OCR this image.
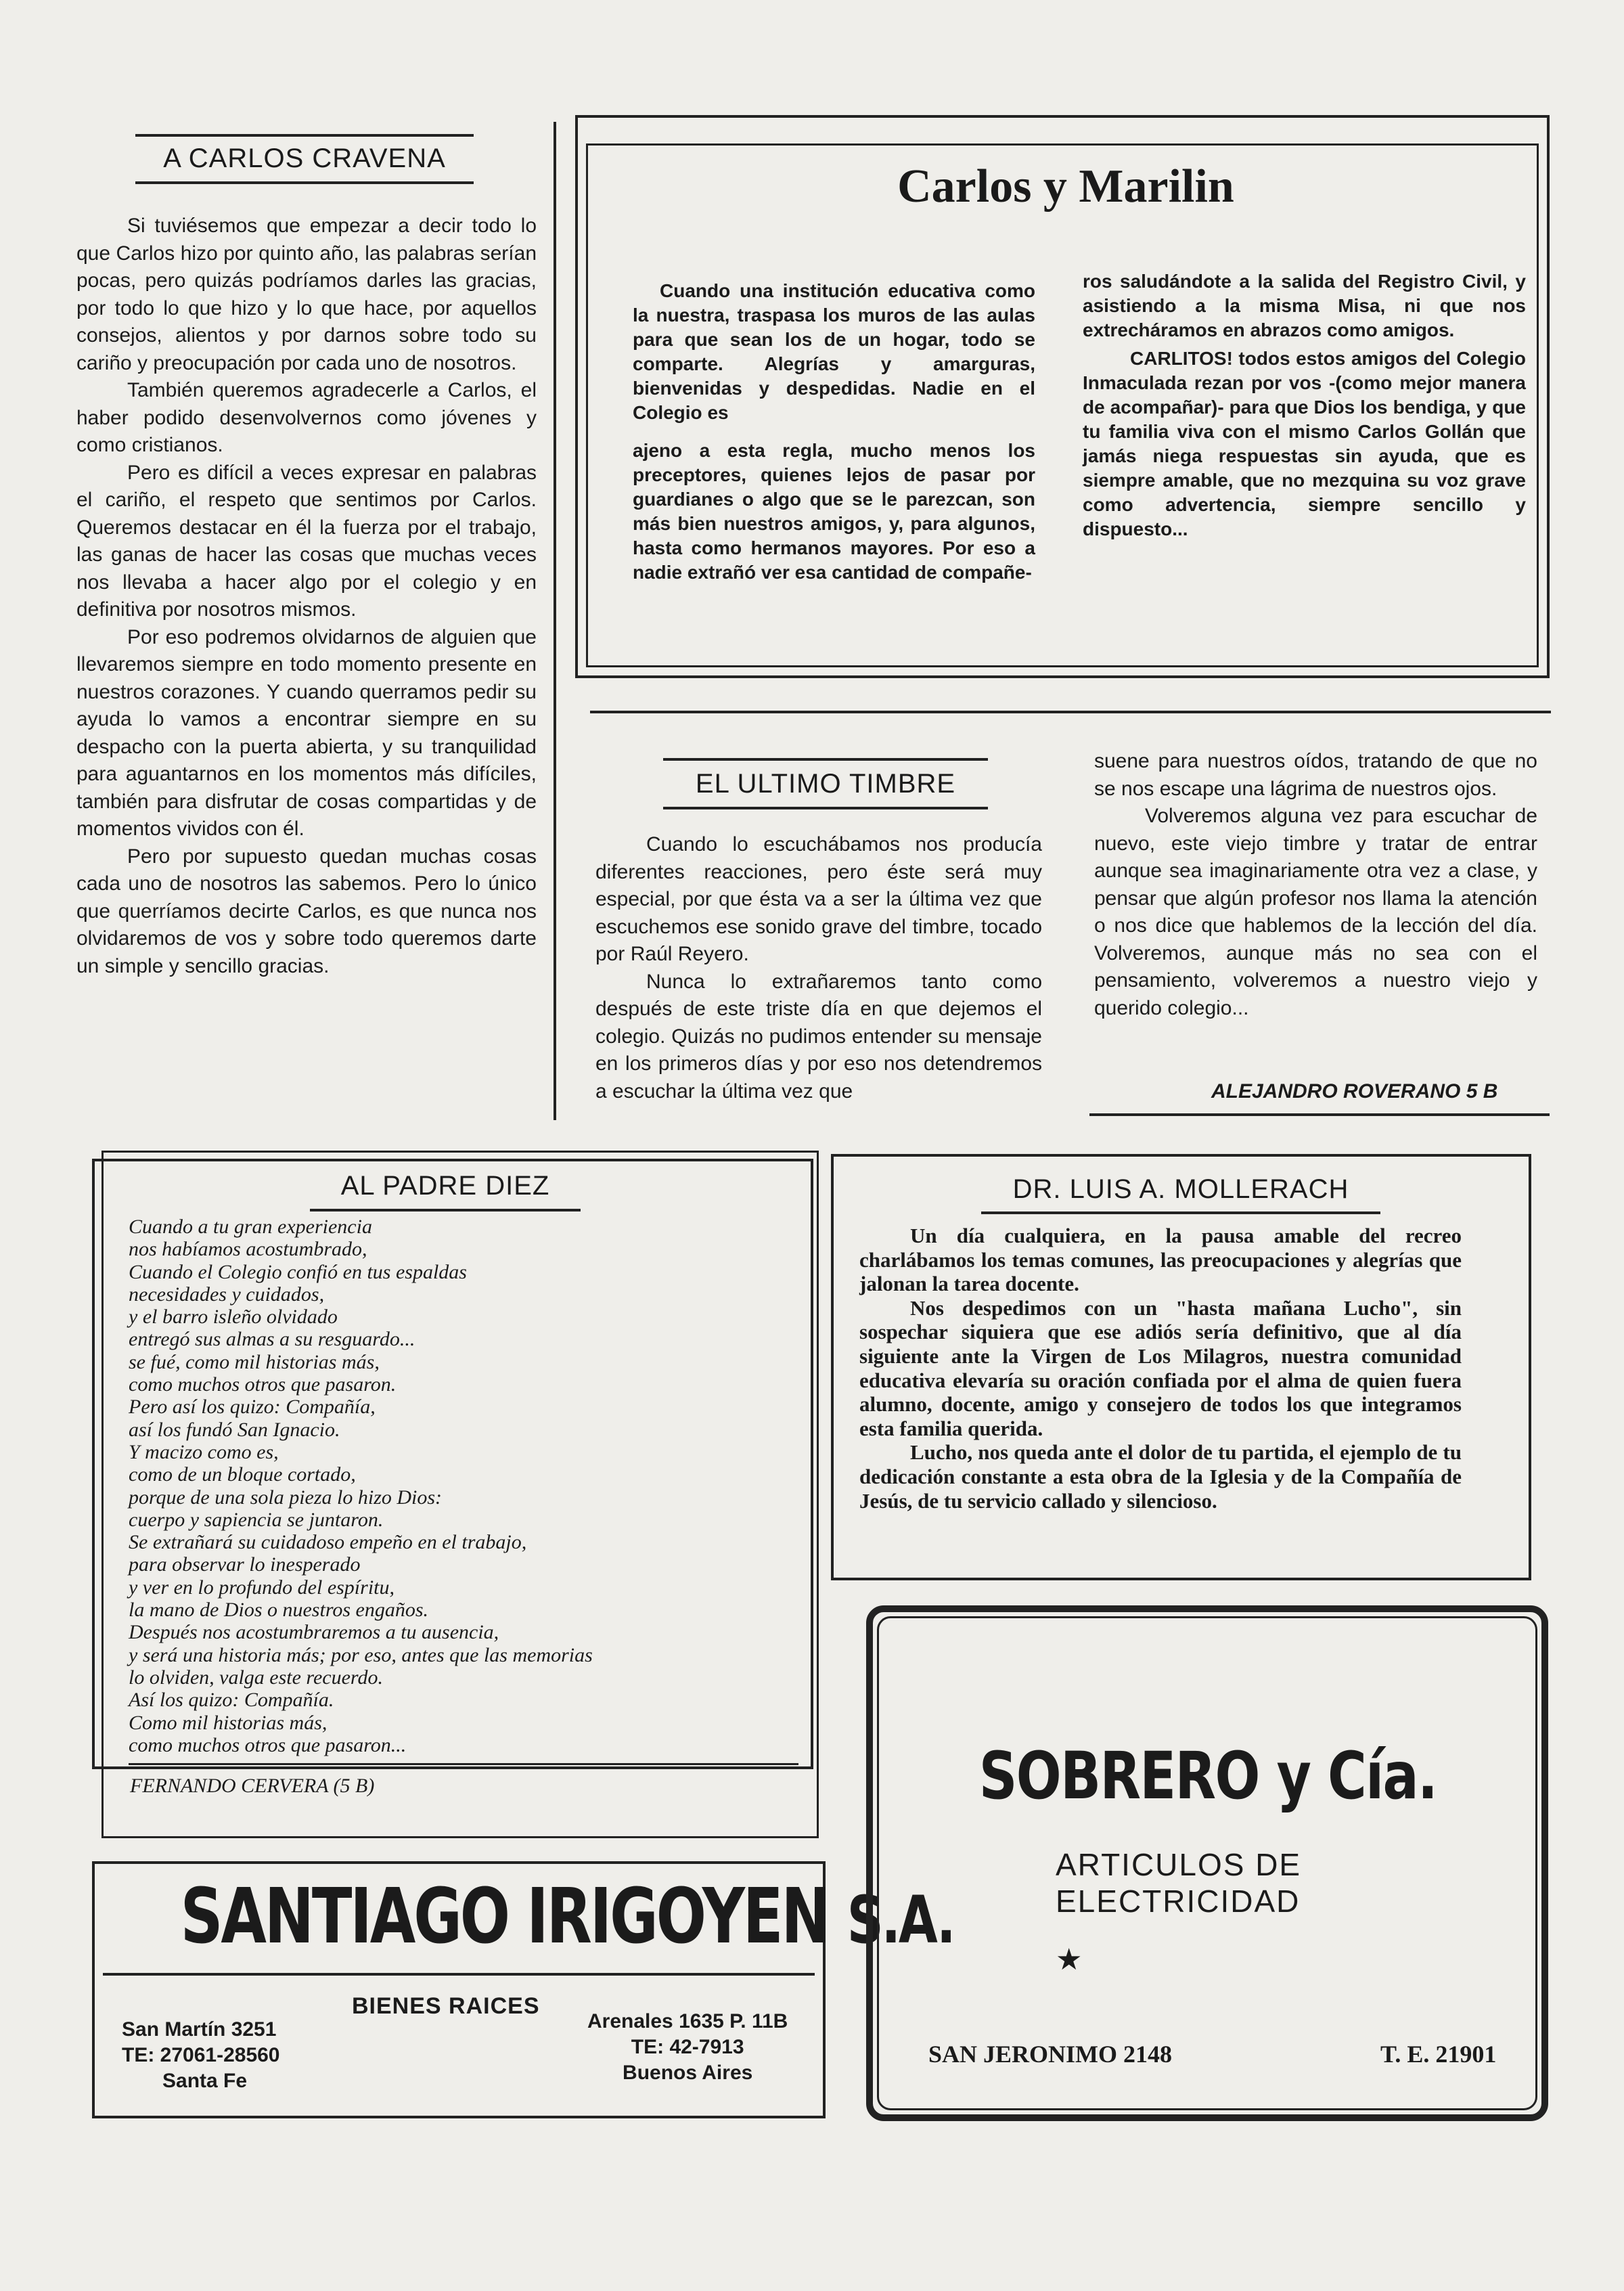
A CARLOS CRAVENA

Si tuviésemos que empezar a decir todo lo que Carlos hizo por quinto año, las palabras serían pocas, pero quizás podríamos darles las gracias, por todo lo que hizo y lo que hace, por aquellos consejos, alientos y por darnos sobre todo su cariño y preocupación por cada uno de nosotros.

También queremos agradecerle a Carlos, el haber podido desenvolvernos como jóvenes y como cristianos.

Pero es difícil a veces expresar en palabras el cariño, el respeto que sentimos por Carlos. Queremos destacar en él la fuerza por el trabajo, las ganas de hacer las cosas que muchas veces nos llevaba a hacer algo por el colegio y en definitiva por nosotros mismos.

Por eso podremos olvidarnos de alguien que llevaremos siempre en todo momento presente en nuestros corazones. Y cuando querramos pedir su ayuda lo vamos a encontrar siempre en su despacho con la puerta abierta, y su tranquilidad para aguantarnos en los momentos más difíciles, también para disfrutar de cosas compartidas y de momentos vividos con él.

Pero por supuesto quedan muchas cosas cada uno de nosotros las sabemos. Pero lo único que querríamos decirte Carlos, es que nunca nos olvidaremos de vos y sobre todo queremos darte un simple y sencillo gracias.

Carlos y Marilin

Cuando una institución educativa como la nuestra, traspasa los muros de las aulas para que sean los de un hogar, todo se comparte. Alegrías y amarguras, bienvenidas y despedidas. Nadie en el Colegio es

ajeno a esta regla, mucho menos los preceptores, quienes lejos de pasar por guardianes o algo que se le parezcan, son más bien nuestros amigos, y, para algunos, hasta como hermanos mayores. Por eso a nadie extrañó ver esa cantidad de compañe-

ros saludándote a la salida del Registro Civil, y asistiendo a la misma Misa, ni que nos extrecháramos en abrazos como amigos.

CARLITOS! todos estos amigos del Colegio Inmaculada rezan por vos -(como mejor manera de acompañar)- para que Dios los bendiga, y que tu familia viva con el mismo Carlos Gollán que jamás niega respuestas sin ayuda, que es siempre amable, que no mezquina su voz grave como advertencia, siempre sencillo y dispuesto...

EL ULTIMO TIMBRE

Cuando lo escuchábamos nos producía diferentes reacciones, pero éste será muy especial, por que ésta va a ser la última vez que escuchemos ese sonido grave del timbre, tocado por Raúl Reyero.

Nunca lo extrañaremos tanto como después de este triste día en que dejemos el colegio. Quizás no pudimos entender su mensaje en los primeros días y por eso nos detendremos a escuchar la última vez que

suene para nuestros oídos, tratando de que no se nos escape una lágrima de nuestros ojos.

Volveremos alguna vez para escuchar de nuevo, este viejo timbre y tratar de entrar aunque sea imaginariamente otra vez a clase, y pensar que algún profesor nos llama la atención o nos dice que hablemos de la lección del día. Volveremos, aunque más no sea con el pensamiento, volveremos a nuestro viejo y querido colegio...

ALEJANDRO ROVERANO 5 B
AL PADRE DIEZ
Cuando a tu gran experiencia
nos habíamos acostumbrado,
Cuando el Colegio confió en tus espaldas
necesidades y cuidados,
y el barro isleño olvidado
entregó sus almas a su resguardo...
se fué, como mil historias más,
como muchos otros que pasaron.
Pero así los quizo: Compañía,
así los fundó San Ignacio.
Y macizo como es,
como de un bloque cortado,
porque de una sola pieza lo hizo Dios:
cuerpo y sapiencia se juntaron.
Se extrañará su cuidadoso empeño en el trabajo,
para observar lo inesperado
y ver en lo profundo del espíritu,
la mano de Dios o nuestros engaños.
Después nos acostumbraremos a tu ausencia,
y será una historia más; por eso, antes que las memorias
lo olviden, valga este recuerdo.
Así los quizo: Compañía.
Como mil historias más,
como muchos otros que pasaron...
FERNANDO CERVERA (5 B)
DR. LUIS A. MOLLERACH

Un día cualquiera, en la pausa amable del recreo charlábamos los temas comunes, las preocupaciones y alegrías que jalonan la tarea docente.

Nos despedimos con un "hasta mañana Lucho", sin sospechar siquiera que ese adiós sería definitivo, que al día siguiente ante la Virgen de Los Milagros, nuestra comunidad educativa elevaría su oración confiada por el alma de quien fuera alumno, docente, amigo y consejero de todos los que integramos esta familia querida.

Lucho, nos queda ante el dolor de tu partida, el ejemplo de tu dedicación constante a esta obra de la Iglesia y de la Compañía de Jesús, de tu servicio callado y silencioso.

SANTIAGO IRIGOYEN S.A.
BIENES RAICES
San Martín 3251
TE: 27061-28560
Santa Fe
Arenales 1635 P. 11B
TE: 42-7913
Buenos Aires
SOBRERO y Cía.
ARTICULOS DE
ELECTRICIDAD
★
SAN JERONIMO 2148	T. E. 21901
